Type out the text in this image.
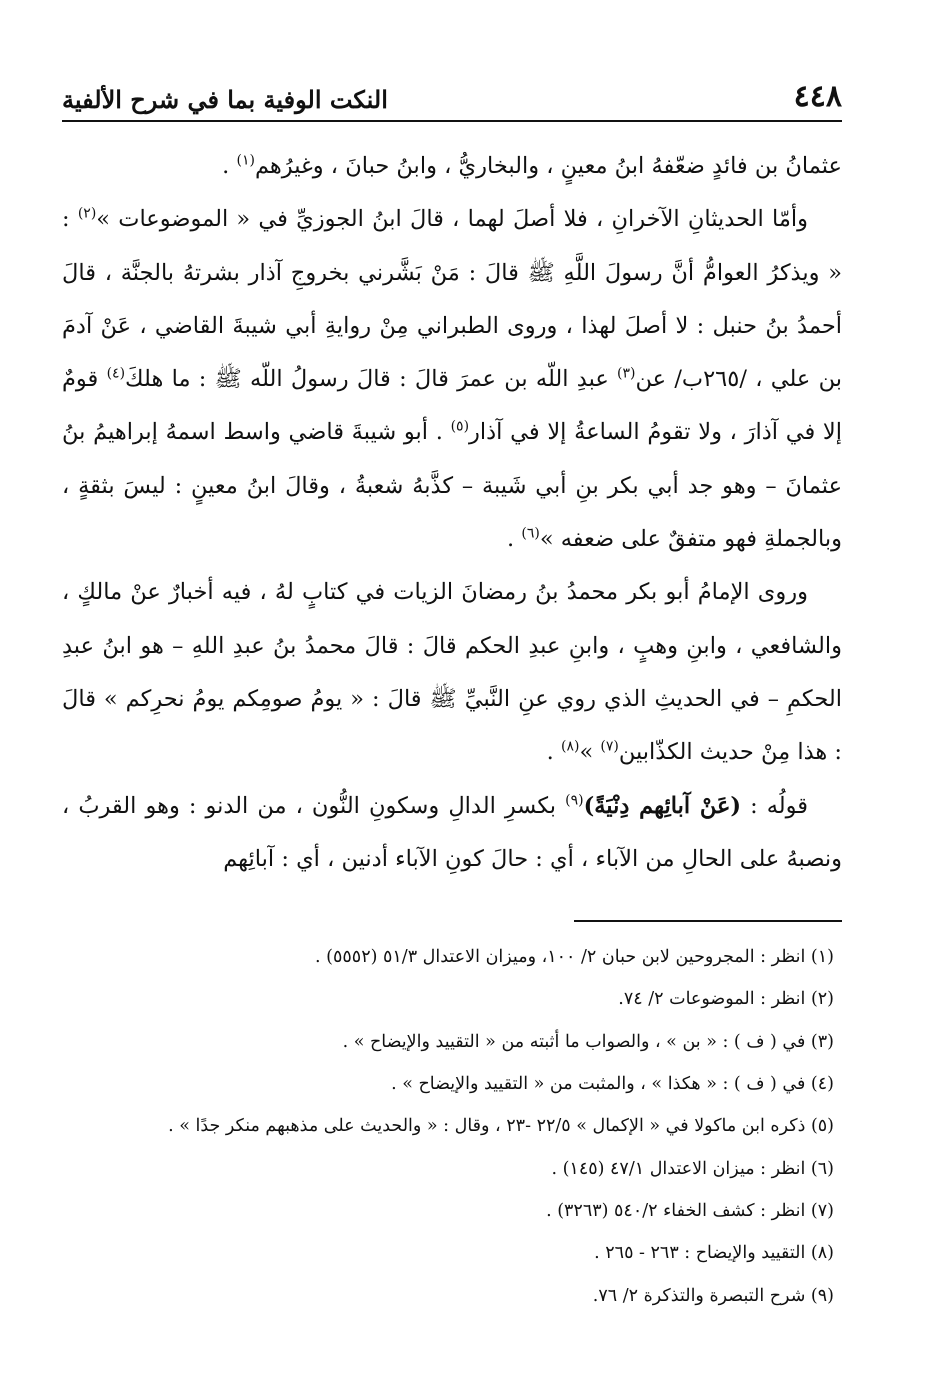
٤٤٨
النكت الوفية بما في شرح الألفية

عثمانُ بن فائدٍ ضعّفهُ ابنُ معينٍ ، والبخاريُّ ، وابنُ حبانَ ، وغيرُهم$^{(١)}$ .

وأمّا الحديثانِ الآخرانِ ، فلا أصلَ لهما ، قالَ ابنُ الجوزيِّ في « الموضوعات »$^{(٢)}$ : « ويذكرُ العوامُّ أنَّ رسولَ اللَّهِ ﷺ قالَ : مَنْ بَشَّرني بخروجِ آذار بشرتهُ بالجنَّة ، قالَ أحمدُ بنُ حنبل : لا أصلَ لهذا ، وروى الطبراني مِنْ روايةِ أبي شيبةَ القاضي ، عَنْ آدمَ بن علي ، /٢٦٥ب/ عن$^{(٣)}$ عبدِ اللّه بن عمرَ قالَ : قالَ رسولُ اللّه ﷺ : ما هلكَ$^{(٤)}$ قومٌ إلا في آذارَ ، ولا تقومُ الساعةُ إلا في آذار$^{(٥)}$ . أبو شيبةَ قاضي واسط اسمهُ إبراهيمُ بنُ عثمانَ – وهو جد أبي بكر بنِ أبي شَيبة – كذَّبهُ شعبةُ ، وقالَ ابنُ معينٍ : ليسَ بثقةٍ ، وبالجملةِ فهو متفقٌ على ضعفه »$^{(٦)}$ .

وروى الإمامُ أبو بكر محمدُ بنُ رمضانَ الزيات في كتابٍ لهُ ، فيه أخبارٌ عنْ مالكٍ ، والشافعي ، وابنِ وهبٍ ، وابنِ عبدِ الحكم قالَ : قالَ محمدُ بنُ عبدِ اللهِ – هو ابنُ عبدِ الحكمِ – في الحديثِ الذي روي عنِ النَّبيِّ ﷺ قالَ : « يومُ صومِكم يومُ نحرِكم » قالَ : هذا مِنْ حديث الكذّابين$^{(٧)}$ »$^{(٨)}$ .

قولُه : (عَنْ آبائِهم دِنْيَةً)$^{(٩)}$ بكسرِ الدالِ وسكونِ النُّون ، من الدنو : وهو القربُ ، ونصبهُ على الحالِ من الآباء ، أي : حالَ كونِ الآباء أدنين ، أي : آبائِهم

(١) انظر : المجروحين لابن حبان ٢/ ١٠٠، وميزان الاعتدال ٥١/٣ (٥٥٥٢) .
(٢) انظر : الموضوعات ٢/ ٧٤.
(٣) في ( ف ) : « بن » ، والصواب ما أثبته من « التقييد والإيضاح » .
(٤) في ( ف ) : « هكذا » ، والمثبت من « التقييد والإيضاح » .
(٥) ذكره ابن ماكولا في « الإكمال » ٢٢/٥ -٢٣ ، وقال : « والحديث على مذهبهم منكر جدًا » .
(٦) انظر : ميزان الاعتدال ٤٧/١ (١٤٥) .
(٧) انظر : كشف الخفاء ٥٤٠/٢ (٣٢٦٣) .
(٨) التقييد والإيضاح : ٢٦٣ - ٢٦٥ .
(٩) شرح التبصرة والتذكرة ٢/ ٧٦.
